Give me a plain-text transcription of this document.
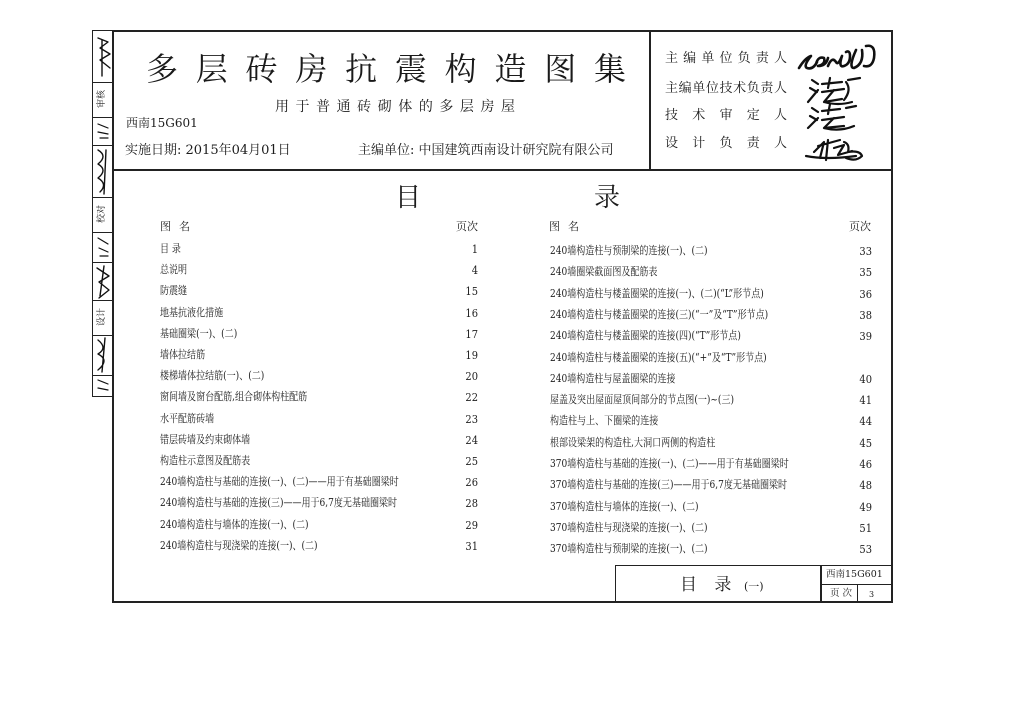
审核
校对
设计
多层砖房抗震构造图集
用于普通砖砌体的多层房屋
西南15G601
实施日期: 2015年04月01日	主编单位: 中国建筑西南设计研究院有限公司
主编单位负责人
主编单位技术负责人
技术审定人
设计负责人
目	录
图名	页次	图名	页次
目 录	1
总说明	4
防震缝	15
地基抗液化措施	16
基础圈梁(一)、(二)	17
墙体拉结筋	19
楼梯墙体拉结筋(一)、(二)	20
窗间墙及窗台配筋,组合砌体构柱配筋	22
水平配筋砖墙	23
错层砖墙及约束砌体墙	24
构造柱示意图及配筋表	25
240墙构造柱与基础的连接(一)、(二)——用于有基础圈梁时	26
240墙构造柱与基础的连接(三)——用于6,7度无基础圈梁时	28
240墙构造柱与墙体的连接(一)、(二)	29
240墙构造柱与现浇梁的连接(一)、(二)	31
240墙构造柱与预制梁的连接(一)、(二)	33
240墙圈梁截面图及配筋表	35
240墙构造柱与楼盖圈梁的连接(一)、(二)(“L”形节点)	36
240墙构造柱与楼盖圈梁的连接(三)(“一”及“T”形节点)	38
240墙构造柱与楼盖圈梁的连接(四)(“T”形节点)	39
240墙构造柱与楼盖圈梁的连接(五)(“+”及“T”形节点)
240墙构造柱与屋盖圈梁的连接	40
屋盖及突出屋面屋顶间部分的节点图(一)~(三)	41
构造柱与上、下圈梁的连接	44
根部设梁架的构造柱,大洞口两侧的构造柱	45
370墙构造柱与基础的连接(一)、(二)——用于有基础圈梁时	46
370墙构造柱与基础的连接(三)——用于6,7度无基础圈梁时	48
370墙构造柱与墙体的连接(一)、(二)	49
370墙构造柱与现浇梁的连接(一)、(二)	51
370墙构造柱与预制梁的连接(一)、(二)	53
目 录 (一)
西南15G601
页次 3
